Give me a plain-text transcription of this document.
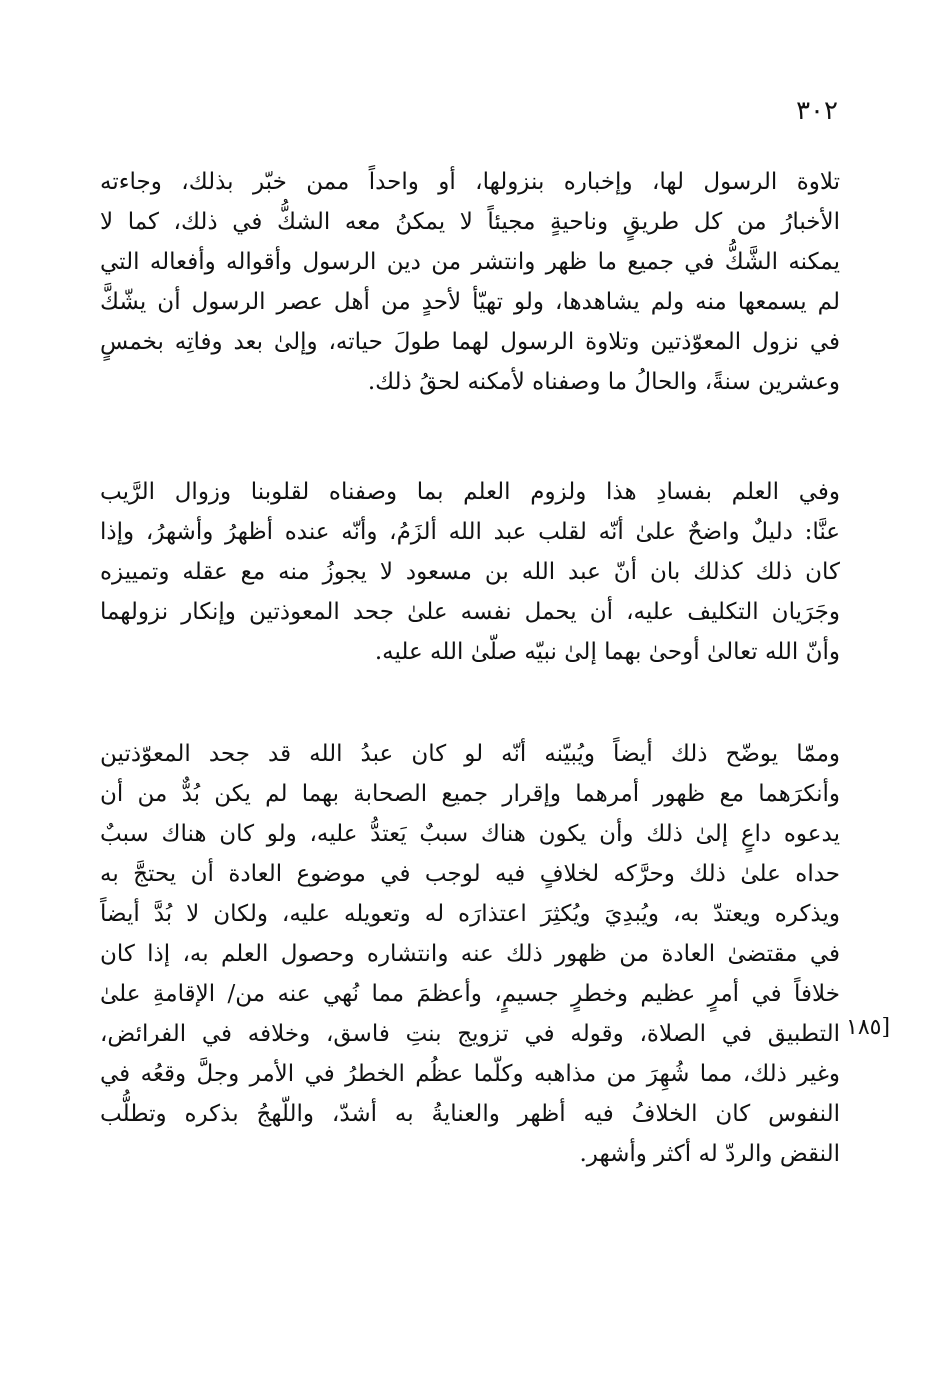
٣٠٢
[١٨٥
تلاوة الرسول لها، وإخباره بنزولها، أو واحداً ممن خبّر بذلك، وجاءته
الأخبارُ من كل طريقٍ وناحيةٍ مجيئاً لا يمكنُ معه الشكُّ في ذلك، كما لا
يمكنه الشَّكُّ في جميع ما ظهر وانتشر من دين الرسول وأقواله وأفعاله التي
لم يسمعها منه ولم يشاهدها، ولو تهيّأ لأحدٍ من أهل عصر الرسول أن يشّكَّ
في نزول المعوّذتين وتلاوة الرسول لهما طولَ حياته، وإلىٰ بعد وفاتِه بخمسٍ
وعشرين سنةً، والحالُ ما وصفناه لأمكنه لحقُ ذلك.
وفي العلم بفسادِ هذا ولزوم العلم بما وصفناه لقلوبنا وزوال الرَّيب
عنَّا: دليلٌ واضحٌ علىٰ أنّه لقلب عبد الله ألزَمُ، وأنّه عنده أظهرُ وأشهرُ، وإذا
كان ذلك كذلك بان أنّ عبد الله بن مسعود لا يجوزُ منه مع عقله وتمييزه
وجَرَيان التكليف عليه، أن يحمل نفسه علىٰ جحد المعوذتين وإنكار نزولهما
وأنّ الله تعالىٰ أوحىٰ بهما إلىٰ نبيّه صلّىٰ الله عليه.
وممّا يوضّح ذلك أيضاً ويُبيّنه أنّه لو كان عبدُ الله قد جحد المعوّذتين
وأنكرَهما مع ظهور أمرهما وإقرار جميع الصحابة بهما لم يكن بُدٌّ من أن
يدعوه داعٍ إلىٰ ذلك وأن يكون هناك سببٌ يَعتدُّ عليه، ولو كان هناك سببٌ
حداه علىٰ ذلك وحرَّكه لخلافٍ فيه لوجب في موضوع العادة أن يحتجَّ به
ويذكره ويعتدّ به، ويُبدِيَ ويُكثِرَ اعتذارَه له وتعويله عليه، ولكان لا بُدَّ أيضاً
في مقتضىٰ العادة من ظهور ذلك عنه وانتشاره وحصول العلم به، إذا كان
خلافاً في أمرٍ عظيم وخطرٍ جسيمٍ، وأعظمَ مما نُهي عنه من/ الإقامةِ علىٰ
التطبيق في الصلاة، وقوله في تزويج بنتِ فاسق، وخلافه في الفرائض،
وغير ذلك، مما شُهِرَ من مذاهبه وكلّما عظُم الخطرُ في الأمر وجلَّ وقعُه في
النفوس كان الخلافُ فيه أظهر والعنايةُ به أشدّ، واللّهجُ بذكره وتطلُّب
النقض والردّ له أكثر وأشهر.
